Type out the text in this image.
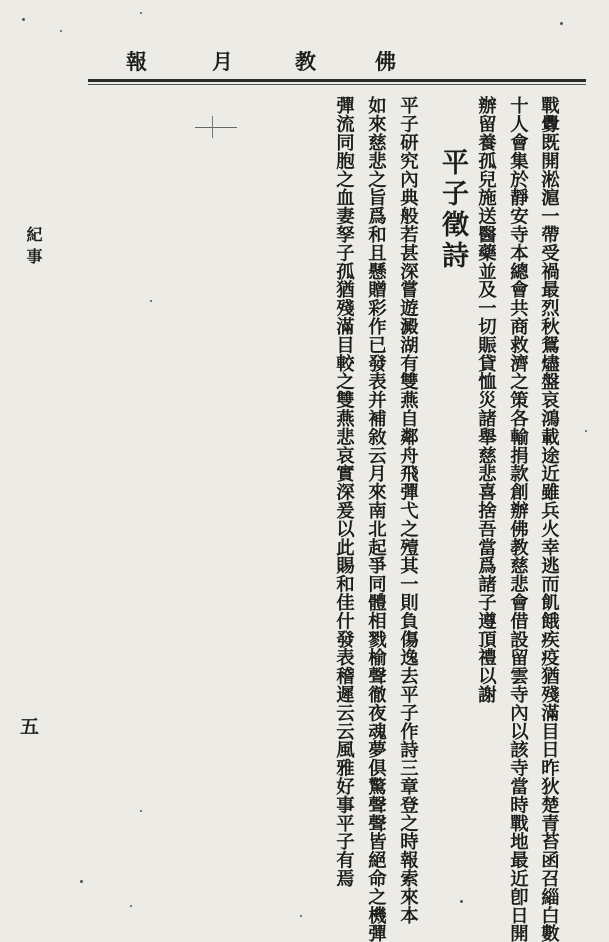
佛
教
月
報
戰釁既開淞滬一帶受禍最烈秋鴛燼盤哀鴻載途近雖兵火幸逃而飢餓疾疫猶殘滿目日昨狄楚青苔函召緇白數
十人會集於靜安寺本總會共商救濟之策各輸捐款創辦佛教慈悲會借設留雲寺內以該寺當時戰地最近卽日開
辦留養孤兒施送醫藥並及一切賑貸恤災諸舉慈悲喜捨吾當爲諸子遵頂禮以謝
平子徵詩
平子研究內典般若甚深嘗遊澱湖有雙燕自鄰舟飛彈弋之殪其一則負傷逸去平子作詩三章登之時報索來本
如來慈悲之旨爲和且懸贈彩作已發表并補敘云月來南北起爭同體相戮榆聲徹夜魂夢俱驚聲聲皆絕命之機彈
彈流同胞之血妻孥子孤猶殘滿目較之雙燕悲哀實深爰以此賜和佳什發表稽遲云云風雅好事平子有焉
紀事
五
